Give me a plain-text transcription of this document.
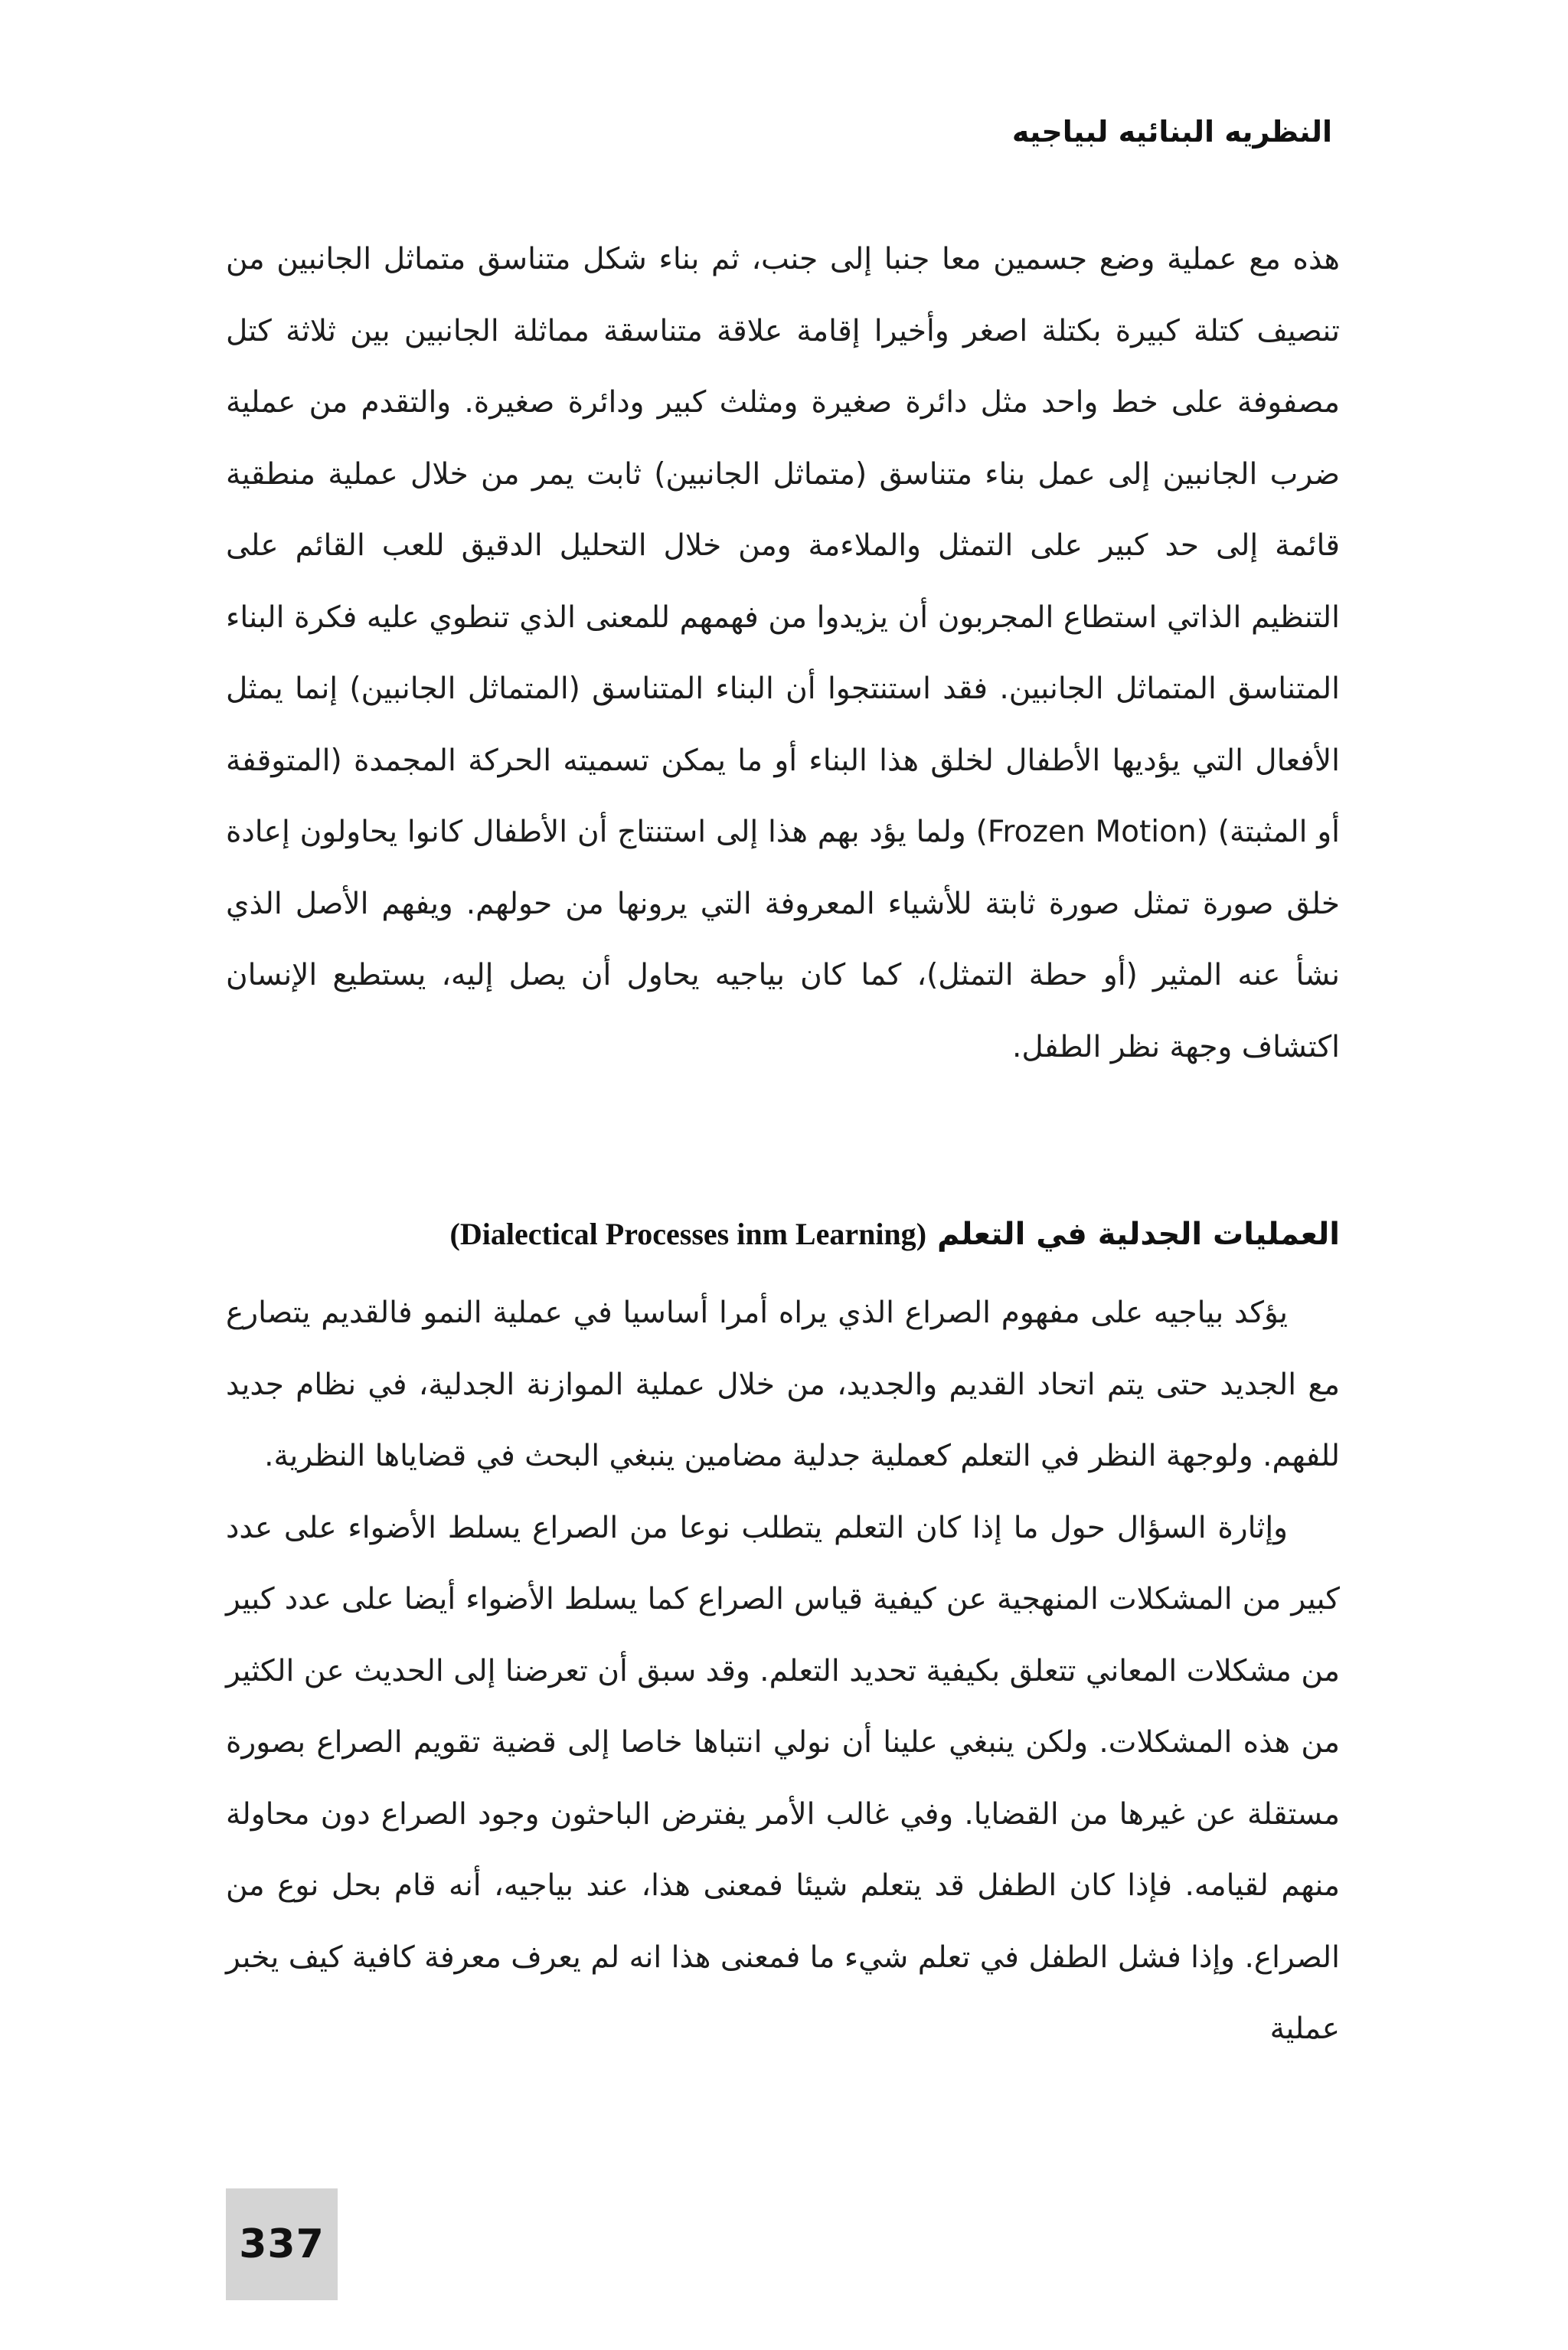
النظريه البنائيه لبياجيه

هذه مع عملية وضع جسمين معا جنبا إلى جنب، ثم بناء شكل متناسق متماثل الجانبين من تنصيف كتلة كبيرة بكتلة اصغر وأخيرا إقامة علاقة متناسقة مماثلة الجانبين بين ثلاثة كتل مصفوفة على خط واحد مثل دائرة صغيرة ومثلث كبير ودائرة صغيرة. والتقدم من عملية ضرب الجانبين إلى عمل بناء متناسق (متماثل الجانبين) ثابت يمر من خلال عملية منطقية قائمة إلى حد كبير على التمثل والملاءمة ومن خلال التحليل الدقيق للعب القائم على التنظيم الذاتي استطاع المجربون أن يزيدوا من فهمهم للمعنى الذي تنطوي عليه فكرة البناء المتناسق المتماثل الجانبين. فقد استنتجوا أن البناء المتناسق (المتماثل الجانبين) إنما يمثل الأفعال التي يؤديها الأطفال لخلق هذا البناء أو ما يمكن تسميته الحركة المجمدة (المتوقفة أو المثبتة) (Frozen Motion) ولما يؤد بهم هذا إلى استنتاج أن الأطفال كانوا يحاولون إعادة خلق صورة تمثل صورة ثابتة للأشياء المعروفة التي يرونها من حولهم. ويفهم الأصل الذي نشأ عنه المثير (أو حطة التمثل)، كما كان بياجيه يحاول أن يصل إليه، يستطيع الإنسان اكتشاف وجهة نظر الطفل.

العمليات الجدلية في التعلم (Dialectical Processes inm Learning)

يؤكد بياجيه على مفهوم الصراع الذي يراه أمرا أساسيا في عملية النمو فالقديم يتصارع مع الجديد حتى يتم اتحاد القديم والجديد، من خلال عملية الموازنة الجدلية، في نظام جديد للفهم. ولوجهة النظر في التعلم كعملية جدلية مضامين ينبغي البحث في قضاياها النظرية.

وإثارة السؤال حول ما إذا كان التعلم يتطلب نوعا من الصراع يسلط الأضواء على عدد كبير من المشكلات المنهجية عن كيفية قياس الصراع كما يسلط الأضواء أيضا على عدد كبير من مشكلات المعاني تتعلق بكيفية تحديد التعلم. وقد سبق أن تعرضنا إلى الحديث عن الكثير من هذه المشكلات. ولكن ينبغي علينا أن نولي انتباها خاصا إلى قضية تقويم الصراع بصورة مستقلة عن غيرها من القضايا. وفي غالب الأمر يفترض الباحثون وجود الصراع دون محاولة منهم لقيامه. فإذا كان الطفل قد يتعلم شيئا فمعنى هذا، عند بياجيه، أنه قام بحل نوع من الصراع. وإذا فشل الطفل في تعلم شيء ما فمعنى هذا انه لم يعرف معرفة كافية كيف يخبر عملية

337
